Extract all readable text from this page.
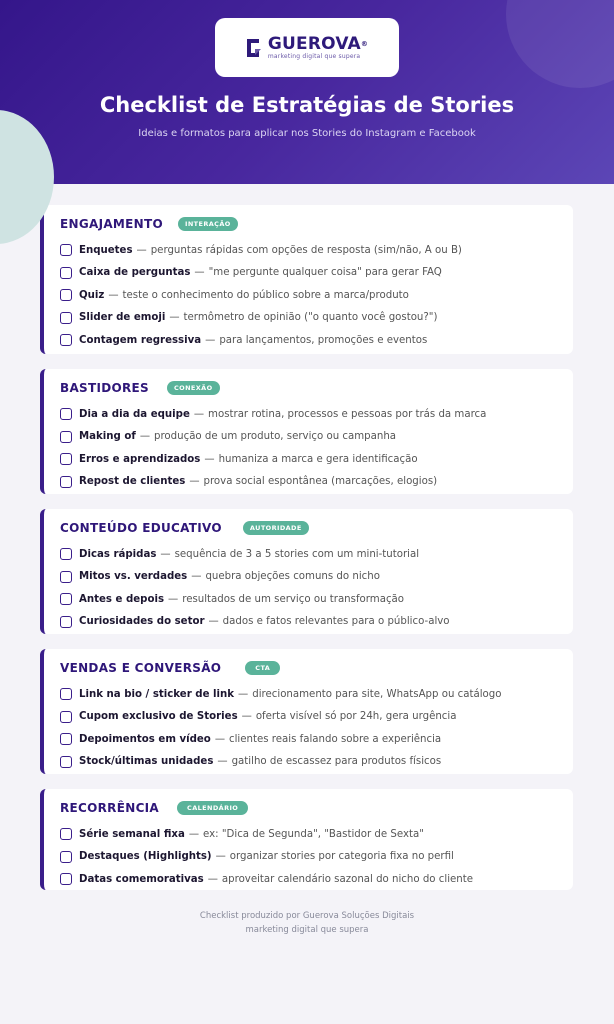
GUEROVA®
marketing digital que supera
Checklist de Estratégias de Stories
Ideias e formatos para aplicar nos Stories do Instagram e Facebook
ENGAJAMENTO	INTERAÇÃO
Enquetes — perguntas rápidas com opções de resposta (sim/não, A ou B)
Caixa de perguntas — "me pergunte qualquer coisa" para gerar FAQ
Quiz — teste o conhecimento do público sobre a marca/produto
Slider de emoji — termômetro de opinião ("o quanto você gostou?")
Contagem regressiva — para lançamentos, promoções e eventos
BASTIDORES	CONEXÃO
Dia a dia da equipe — mostrar rotina, processos e pessoas por trás da marca
Making of — produção de um produto, serviço ou campanha
Erros e aprendizados — humaniza a marca e gera identificação
Repost de clientes — prova social espontânea (marcações, elogios)
CONTEÚDO EDUCATIVO	AUTORIDADE
Dicas rápidas — sequência de 3 a 5 stories com um mini-tutorial
Mitos vs. verdades — quebra objeções comuns do nicho
Antes e depois — resultados de um serviço ou transformação
Curiosidades do setor — dados e fatos relevantes para o público-alvo
VENDAS E CONVERSÃO	CTA
Link na bio / sticker de link — direcionamento para site, WhatsApp ou catálogo
Cupom exclusivo de Stories — oferta visível só por 24h, gera urgência
Depoimentos em vídeo — clientes reais falando sobre a experiência
Stock/últimas unidades — gatilho de escassez para produtos físicos
RECORRÊNCIA	CALENDÁRIO
Série semanal fixa — ex: "Dica de Segunda", "Bastidor de Sexta"
Destaques (Highlights) — organizar stories por categoria fixa no perfil
Datas comemorativas — aproveitar calendário sazonal do nicho do cliente
Checklist produzido por Guerova Soluções Digitais
marketing digital que supera
